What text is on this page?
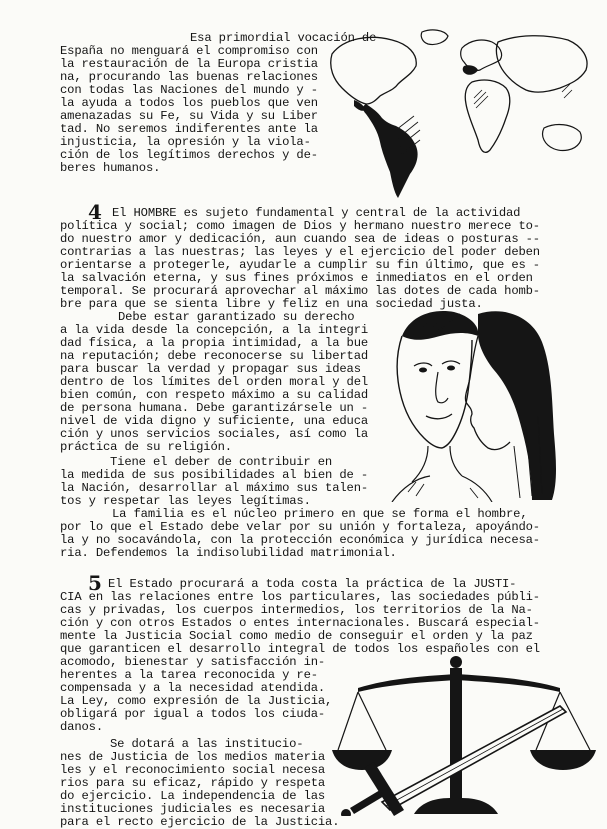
Esa primordial vocación de
España no menguará el compromiso con
la restauración de la Europa cristia
na, procurando las buenas relaciones
con todas las Naciones del mundo y -
la ayuda a todos los pueblos que ven
amenazadas su Fe, su Vida y su Liber
tad. No seremos indiferentes ante la
injusticia, la opresión y la viola-
ción de los legítimos derechos y de-
beres humanos.
4 El HOMBRE es sujeto fundamental y central de la actividad
política y social; como imagen de Dios y hermano nuestro merece to-
do nuestro amor y dedicación, aun cuando sea de ideas o posturas --
contrarias a las nuestras; las leyes y el ejercicio del poder deben
orientarse a protegerle, ayudarle a cumplir su fin último, que es -
la salvación eterna, y sus fines próximos e inmediatos en el orden
temporal. Se procurará aprovechar al máximo las dotes de cada homb-
bre para que se sienta libre y feliz en una sociedad justa.
Debe estar garantizado su derecho
a la vida desde la concepción, a la integri
dad física, a la propia intimidad, a la bue
na reputación; debe reconocerse su libertad
para buscar la verdad y propagar sus ideas
dentro de los límites del orden moral y del
bien común, con respeto máximo a su calidad
de persona humana. Debe garantizársele un -
nivel de vida digno y suficiente, una educa
ción y unos servicios sociales, así como la
práctica de su religión.
Tiene el deber de contribuir en
la medida de sus posibilidades al bien de -
la Nación, desarrollar al máximo sus talen-
tos y respetar las leyes legítimas.
La familia es el núcleo primero en que se forma el hombre,
por lo que el Estado debe velar por su unión y fortaleza, apoyándo-
la y no socavándola, con la protección económica y jurídica necesa-
ria. Defendemos la indisolubilidad matrimonial.
5 El Estado procurará a toda costa la práctica de la JUSTI-
CIA en las relaciones entre los particulares, las sociedades públi-
cas y privadas, los cuerpos intermedios, los territorios de la Na-
ción y con otros Estados o entes internacionales. Buscará especial-
mente la Justicia Social como medio de conseguir el orden y la paz
que garanticen el desarrollo integral de todos los españoles con el
acomodo, bienestar y satisfacción in-
herentes a la tarea reconocida y re-
compensada y a la necesidad atendida.
La Ley, como expresión de la Justicia,
obligará por igual a todos los ciuda-
danos.
Se dotará a las institucio-
nes de Justicia de los medios materia
les y el reconocimiento social necesa
rios para su eficaz, rápido y respeta
do ejercicio. La independencia de las
instituciones judiciales es necesaria
para el recto ejercicio de la Justicia.
